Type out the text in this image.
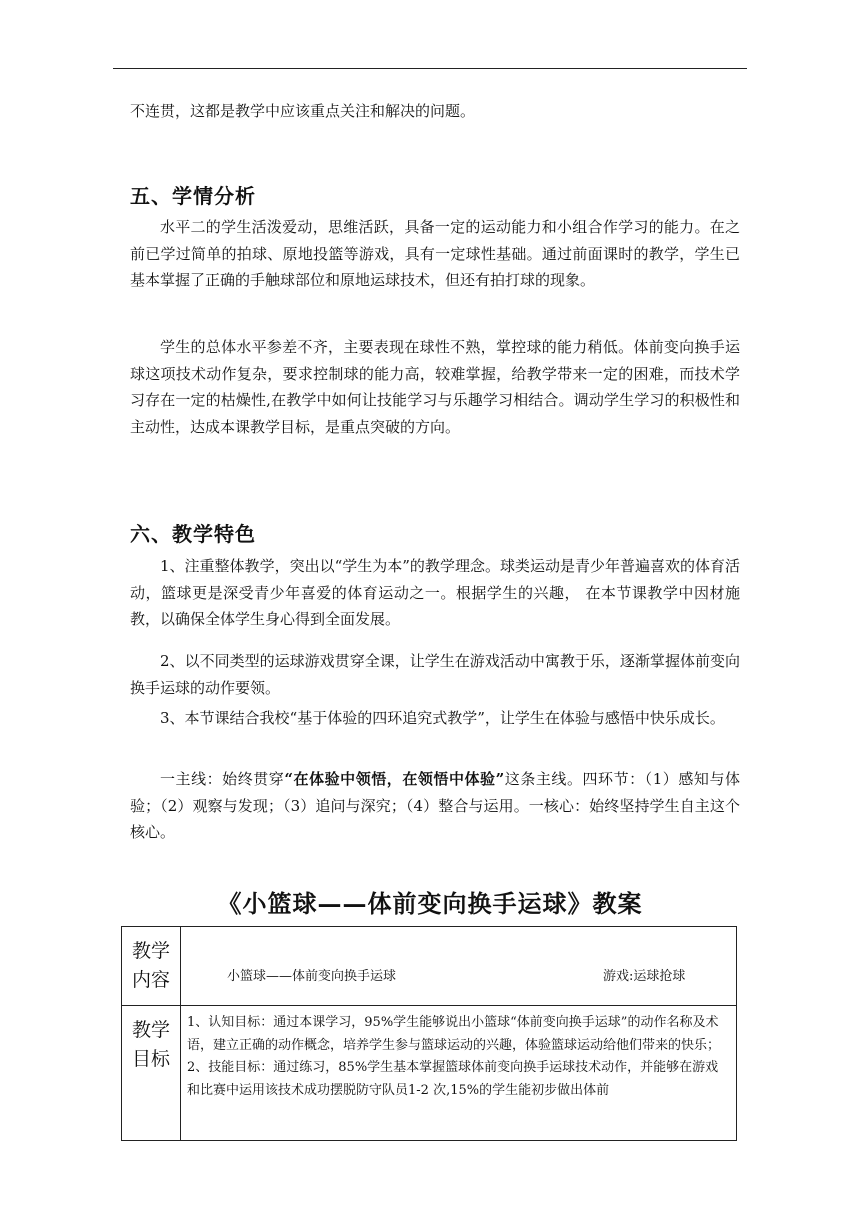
不连贯，这都是教学中应该重点关注和解决的问题。

五、学情分析

水平二的学生活泼爱动，思维活跃，具备一定的运动能力和小组合作学习的能力。在之前已学过简单的拍球、原地投篮等游戏，具有一定球性基础。通过前面课时的教学，学生已基本掌握了正确的手触球部位和原地运球技术，但还有拍打球的现象。

学生的总体水平参差不齐，主要表现在球性不熟，掌控球的能力稍低。体前变向换手运球这项技术动作复杂，要求控制球的能力高，较难掌握，给教学带来一定的困难，而技术学习存在一定的枯燥性,在教学中如何让技能学习与乐趣学习相结合。调动学生学习的积极性和主动性，达成本课教学目标，是重点突破的方向。

六、教学特色

1、注重整体教学，突出以“学生为本”的教学理念。球类运动是青少年普遍喜欢的体育活动，篮球更是深受青少年喜爱的体育运动之一。根据学生的兴趣， 在本节课教学中因材施教，以确保全体学生身心得到全面发展。

2、以不同类型的运球游戏贯穿全课，让学生在游戏活动中寓教于乐，逐渐掌握体前变向换手运球的动作要领。

3、本节课结合我校“基于体验的四环追究式教学”，让学生在体验与感悟中快乐成长。

一主线：始终贯穿“在体验中领悟，在领悟中体验”这条主线。四环节：（1）感知与体验；（2）观察与发现；（3）追问与深究；（4）整合与运用。一核心：始终坚持学生自主这个核心。

《小篮球——体前变向换手运球》教案
教学内容	小篮球——体前变向换手运球 游戏:运球抢球

教学目标	1、认知目标：通过本课学习，95%学生能够说出小篮球“体前变向换手运球”的动作名称及术语，建立正确的动作概念，培养学生参与篮球运动的兴趣，体验篮球运动给他们带来的快乐；

2、技能目标：通过练习，85%学生基本掌握篮球体前变向换手运球技术动作，并能够在游戏和比赛中运用该技术成功摆脱防守队员1-2 次,15%的学生能初步做出体前
